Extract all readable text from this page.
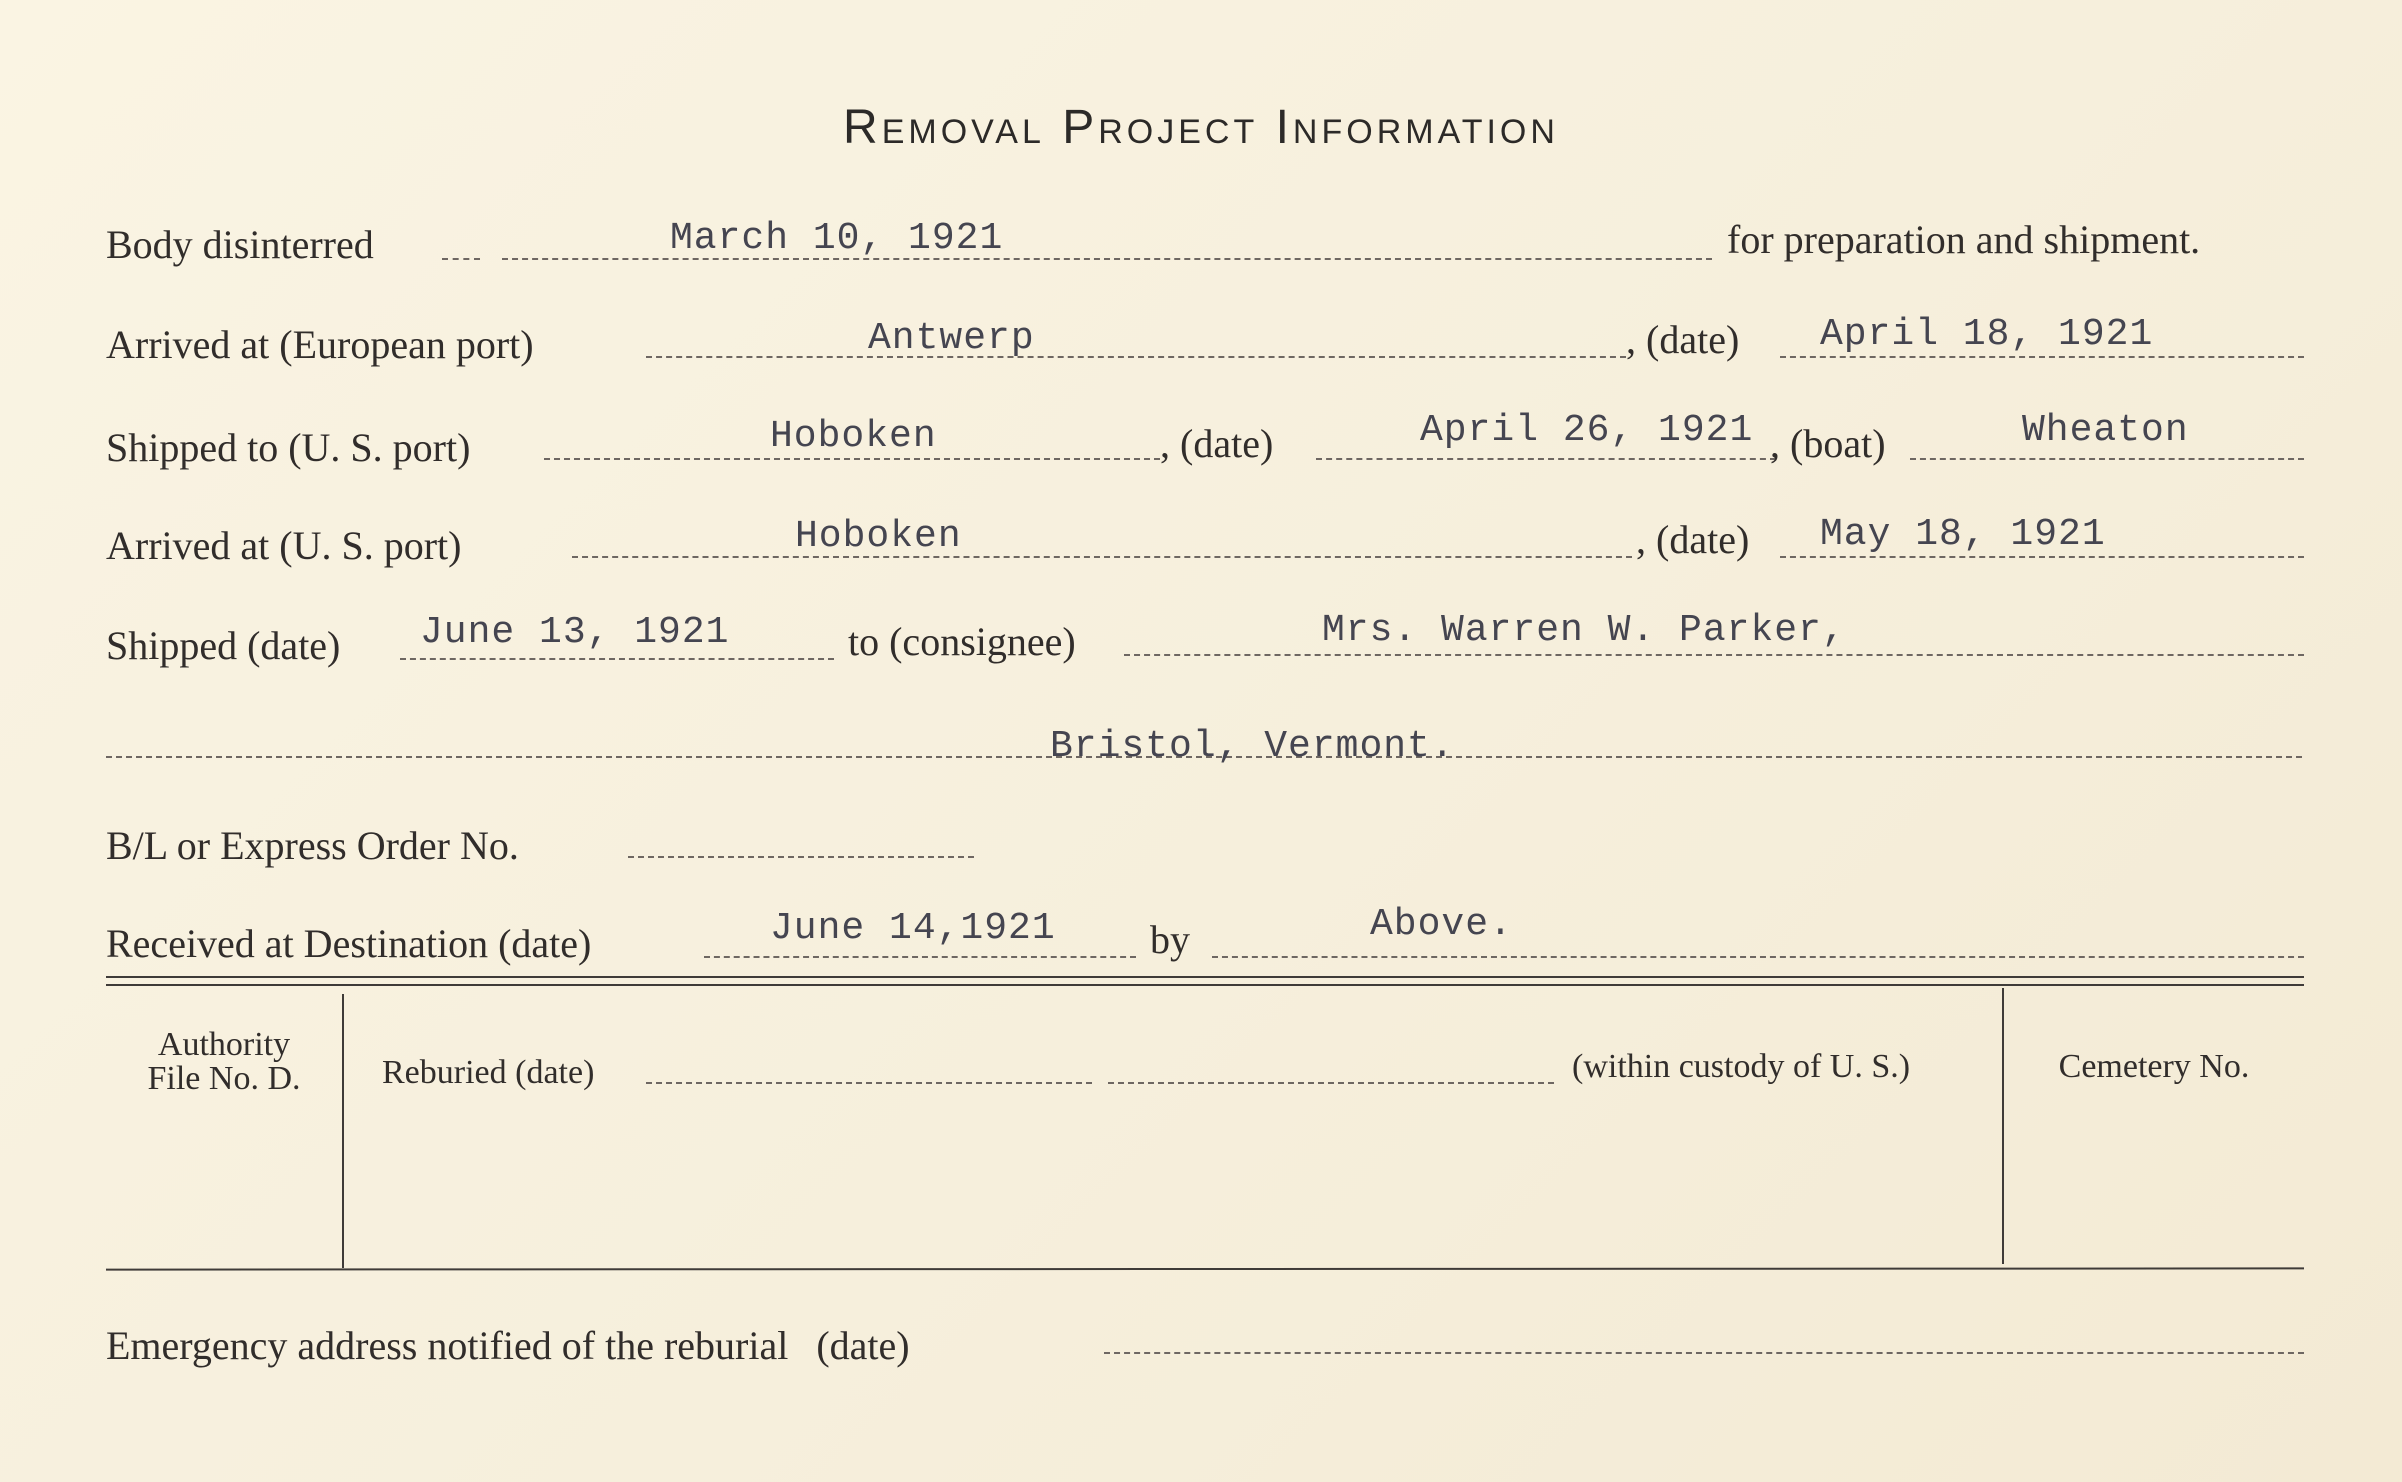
Removal Project Information
Body disinterred	March 10, 1921	for preparation and shipment.
Arrived at (European port)	Antwerp	, (date) April 18, 1921
Shipped to (U. S. port)	Hoboken	, (date)	April 26, 1921 , (boat)	Wheaton
Arrived at (U. S. port)	Hoboken	, (date) May 18, 1921
Shipped (date) June 13, 1921	to (consignee)	Mrs. Warren W. Parker,
Bristol, Vermont.
B/L or Express Order No.
Received at Destination (date)	June 14,1921 by	Above.
Authority
File No. D.	Reburied (date)	(within custody of U. S.)	Cemetery No.
Emergency address notified of the reburial (date)
